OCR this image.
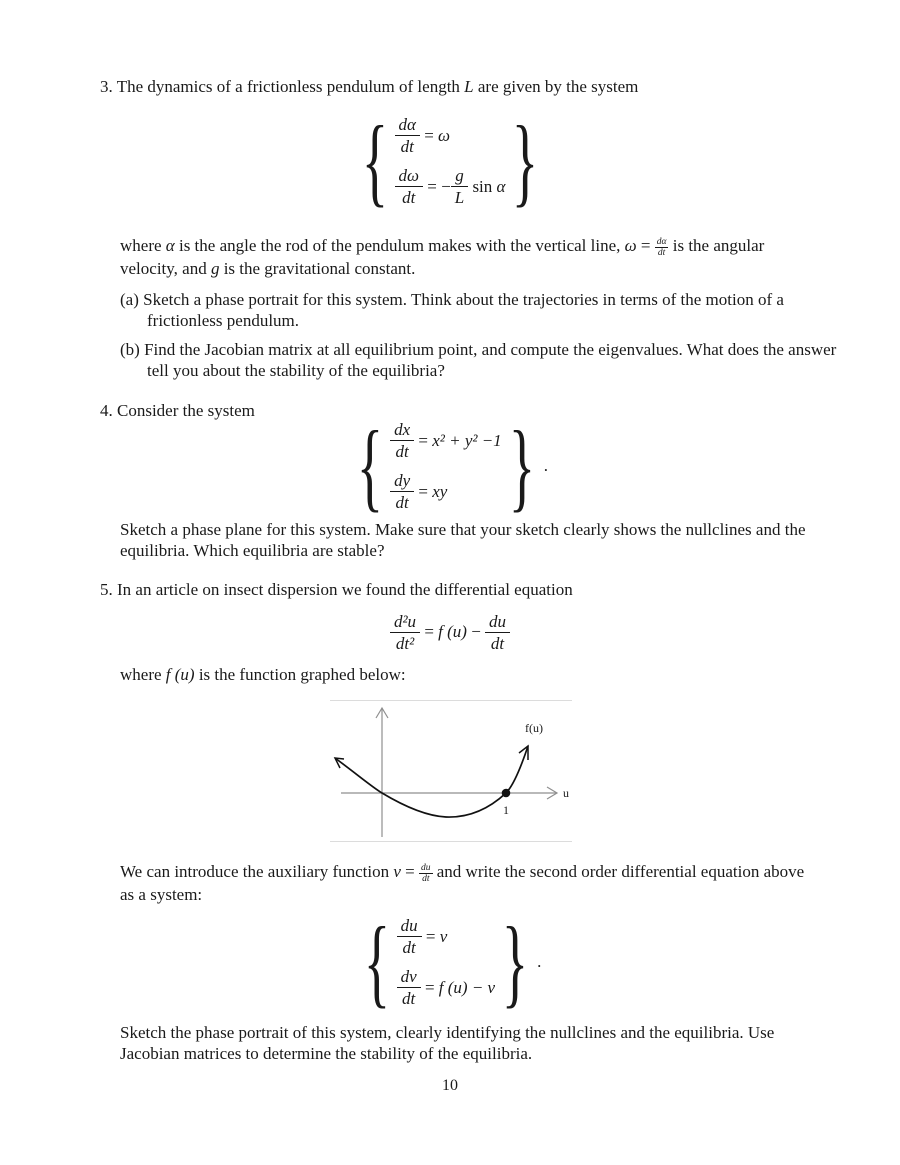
3. The dynamics of a frictionless pendulum of length L are given by the system
{ $\frac{d\alpha}{dt} = \omega$
$\frac{d\omega}{dt}$ = − $\frac{g}{L}$ sin α }
where α is the angle the rod of the pendulum makes with the vertical line, $\omega = \frac{d\alpha}{dt}$ is the angular velocity, and g is the gravitational constant.
(a) Sketch a phase portrait for this system. Think about the trajectories in terms of the motion of a frictionless pendulum.
(b) Find the Jacobian matrix at all equilibrium point, and compute the eigenvalues. What does the answer tell you about the stability of the equilibria?
4. Consider the system { $\frac{dx}{dt} = x^2 + y^2 -1$
$\frac{dy}{dt}$ = xy } .
Sketch a phase plane for this system. Make sure that your sketch clearly shows the nullclines and the equilibria. Which equilibria are stable?
5. In an article on insect dispersion we found the differential equation
$\frac{\text{d²u}}{\text{dt²}} = f$ $(u) - \frac{du}{dt}$
where f (u) is the function graphed below:
1
f(u)
u
We can introduce the auxiliary function $v = \frac{du}{dt}$ and write the second order differential equation above as a system:
{ $\frac{du}{dt} = v$
$\frac{dv}{dt} = f$ (u) − v } .
Sketch the phase portrait of this system, clearly identifying the nullclines and the equilibria. Use Jacobian matrices to determine the stability of the equilibria.
10
